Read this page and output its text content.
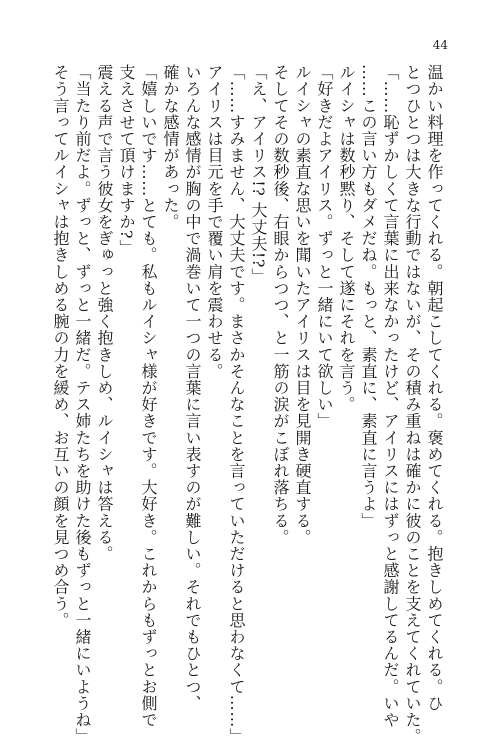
44
温かい料理を作ってくれる。朝起こしてくれる。褒めてくれる。抱きしめてくれる。ひ
とつひとつは大きな行動ではないが、その積み重ねは確かに彼のことを支えてくれていた。
「……恥ずかしくて言葉に出来なかったけど、アイリスにはずっと感謝してるんだ。いや
……この言い方もダメだね。もっと、素直に、素直に言うよ」
ルイシャは数秒黙り、そして遂にそれを言う。
「好きだよアイリス。ずっと一緒にいて欲しい」
ルイシャの素直な思いを聞いたアイリスは目を見開き硬直する。
そしてその数秒後、右眼からつつ、と一筋の涙がこぼれ落ちる。
「え、アイリス!? 大丈夫!?」
「……すみません、大丈夫です。まさかそんなことを言っていただけると思わなくて……」
アイリスは目元を手で覆い肩を震わせる。
いろんな感情が胸の中で渦巻いて一つの言葉に言い表すのが難しい。それでもひとつ、
確かな感情があった。
「嬉しいです……とても。私もルイシャ様が好きです。大好き。これからもずっとお側で
支えさせて頂けますか?」
震える声で言う彼女をぎゅっと強く抱きしめ、ルイシャは答える。
「当たり前だよ。ずっと、ずっと一緒だ。テス姉たちを助けた後もずっと一緒にいようね」
そう言ってルイシャは抱きしめる腕の力を緩め、お互いの顔を見つめ合う。
